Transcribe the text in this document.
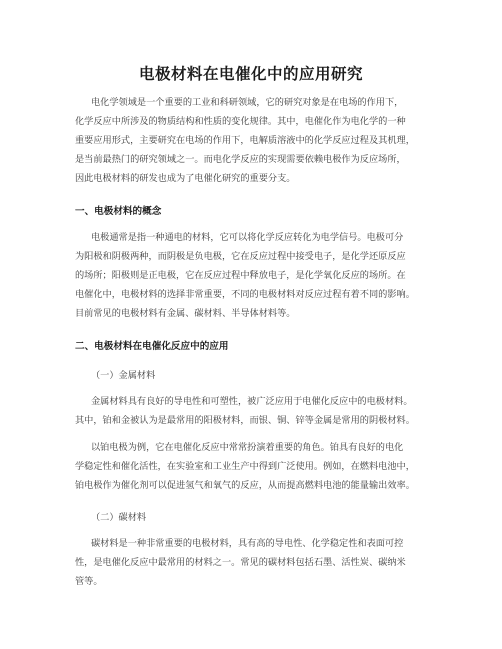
电极材料在电催化中的应用研究
电化学领域是一个重要的工业和科研领域，它的研究对象是在电场的作用下，
化学反应中所涉及的物质结构和性质的变化规律。其中，电催化作为电化学的一种
重要应用形式，主要研究在电场的作用下，电解质溶液中的化学反应过程及其机理，
是当前最热门的研究领域之一。而电化学反应的实现需要依赖电极作为反应场所，
因此电极材料的研发也成为了电催化研究的重要分支。
一、电极材料的概念
电极通常是指一种通电的材料，它可以将化学反应转化为电学信号。电极可分
为阳极和阴极两种，而阴极是负电极，它在反应过程中接受电子，是化学还原反应
的场所；阳极则是正电极，它在反应过程中释放电子，是化学氧化反应的场所。在
电催化中，电极材料的选择非常重要，不同的电极材料对反应过程有着不同的影响。
目前常见的电极材料有金属、碳材料、半导体材料等。
二、电极材料在电催化反应中的应用
（一）金属材料
金属材料具有良好的导电性和可塑性，被广泛应用于电催化反应中的电极材料。
其中，铂和金被认为是最常用的阳极材料，而银、铜、锌等金属是常用的阴极材料。
以铂电极为例，它在电催化反应中常常扮演着重要的角色。铂具有良好的电化
学稳定性和催化活性，在实验室和工业生产中得到广泛使用。例如，在燃料电池中，
铂电极作为催化剂可以促进氢气和氧气的反应，从而提高燃料电池的能量输出效率。
（二）碳材料
碳材料是一种非常重要的电极材料，具有高的导电性、化学稳定性和表面可控
性，是电催化反应中最常用的材料之一。常见的碳材料包括石墨、活性炭、碳纳米
管等。
